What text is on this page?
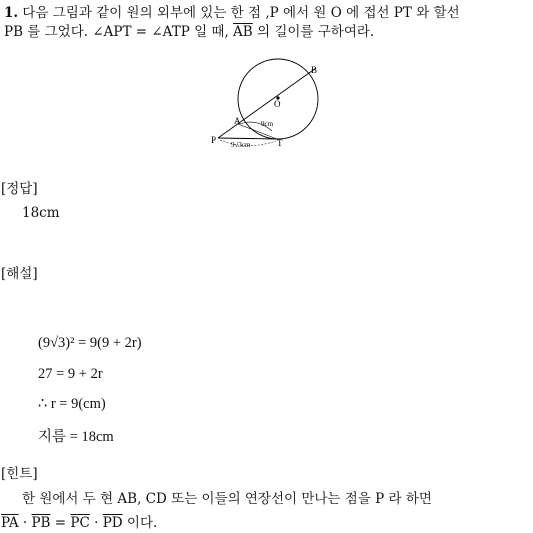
1. 다음 그림과 같이 원의 외부에 있는 한 점 ,P 에서 원 O 에 접선 PT 와 할선
PB 를 그었다. ∠APT = ∠ATP 일 때, $\overline{AB}$ 의 길이를 구하여라.
B
O
A	9cm
P 9√3cm	T
[정답]
18cm
[해설]
(9√3)² = 9(9 + 2r)
27 = 9 + 2r
∴ r = 9(cm)
지름 = 18cm
[힌트]
한 원에서 두 현 AB, CD 또는 이들의 연장선이 만나는 점을 P 라 하면
$\overline{PA} \cdot \overline{PB} = \overline{PC} \cdot \overline{PD}$ 이다.
